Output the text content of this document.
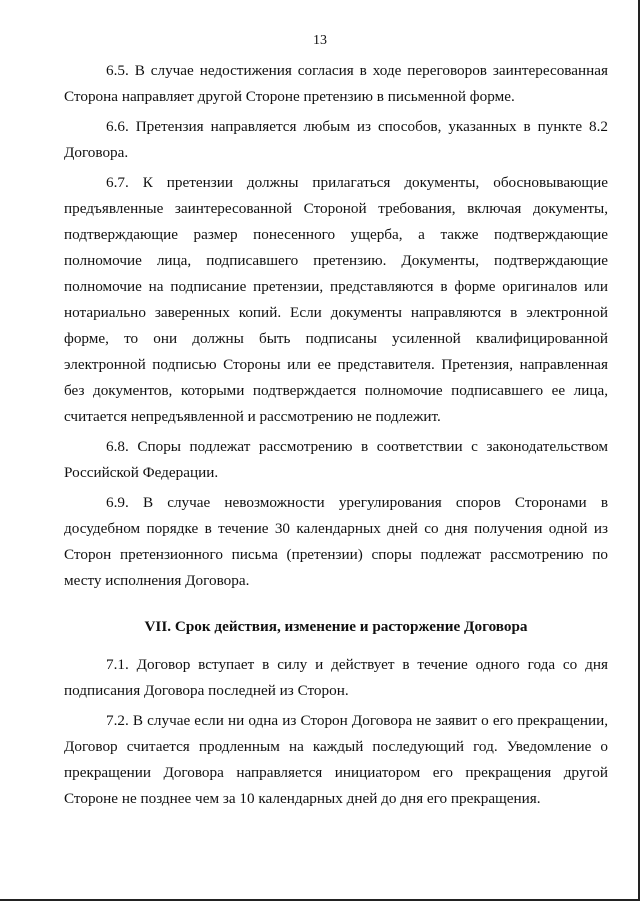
13

6.5. В случае недостижения согласия в ходе переговоров заинтересованная Сторона направляет другой Стороне претензию в письменной форме.

6.6. Претензия направляется любым из способов, указанных в пункте 8.2 Договора.

6.7. К претензии должны прилагаться документы, обосновывающие предъявленные заинтересованной Стороной требования, включая документы, подтверждающие размер понесенного ущерба, а также подтверждающие полномочие лица, подписавшего претензию. Документы, подтверждающие полномочие на подписание претензии, представляются в форме оригиналов или нотариально заверенных копий. Если документы направляются в электронной форме, то они должны быть подписаны усиленной квалифицированной электронной подписью Стороны или ее представителя. Претензия, направленная без документов, которыми подтверждается полномочие подписавшего ее лица, считается непредъявленной и рассмотрению не подлежит.

6.8. Споры подлежат рассмотрению в соответствии с законодательством Российской Федерации.

6.9. В случае невозможности урегулирования споров Сторонами в досудебном порядке в течение 30 календарных дней со дня получения одной из Сторон претензионного письма (претензии) споры подлежат рассмотрению по месту исполнения Договора.

VII. Срок действия, изменение и расторжение Договора

7.1. Договор вступает в силу и действует в течение одного года со дня подписания Договора последней из Сторон.

7.2. В случае если ни одна из Сторон Договора не заявит о его прекращении, Договор считается продленным на каждый последующий год. Уведомление о прекращении Договора направляется инициатором его прекращения другой Стороне не позднее чем за 10 календарных дней до дня его прекращения.
